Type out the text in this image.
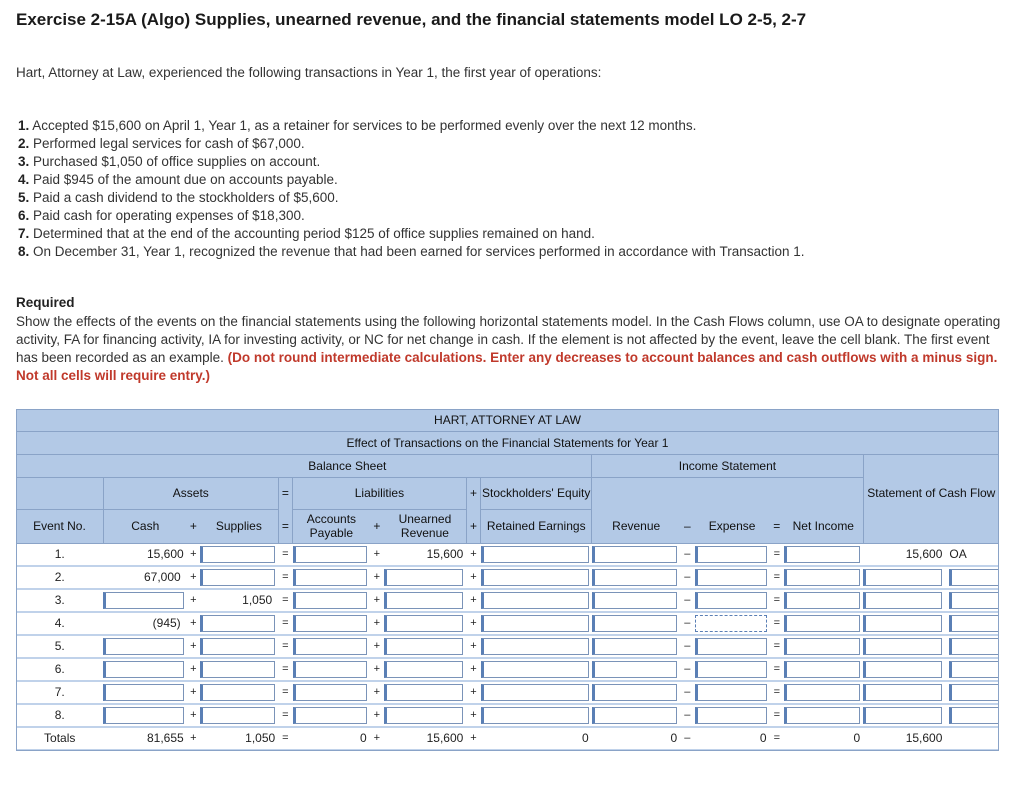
Exercise 2-15A (Algo) Supplies, unearned revenue, and the financial statements model LO 2-5, 2-7

Hart, Attorney at Law, experienced the following transactions in Year 1, the first year of operations:

1. Accepted $15,600 on April 1, Year 1, as a retainer for services to be performed evenly over the next 12 months.
2. Performed legal services for cash of $67,000.
3. Purchased $1,050 of office supplies on account.
4. Paid $945 of the amount due on accounts payable.
5. Paid a cash dividend to the stockholders of $5,600.
6. Paid cash for operating expenses of $18,300.
7. Determined that at the end of the accounting period $125 of office supplies remained on hand.
8. On December 31, Year 1, recognized the revenue that had been earned for services performed in accordance with Transaction 1.

Required

Show the effects of the events on the financial statements using the following horizontal statements model. In the Cash Flows column, use OA to designate operating activity, FA for financing activity, IA for investing activity, or NC for net change in cash. If the element is not affected by the event, leave the cell blank. The first event has been recorded as an example. (Do not round intermediate calculations. Enter any decreases to account balances and cash outflows with a minus sign. Not all cells will require entry.)

HART, ATTORNEY AT LAW																
Effect of Transactions on the Financial Statements for Year 1																
	Balance Sheet									Income Statement						
	Assets			=	Liabilities			+	Stockholders' Equity						Statement of Cash Flow	
Event No.	Cash	+	Supplies	=	Accounts Payable	+	Unearned Revenue	+	Retained Earnings	Revenue	–	Expense	=	Net Income		
1.	15,600	+		=		+	15,600	+			–		=		15,600	OA
2.	67,000	+		=		+		+			–		=	

3.		+	1,050	=		+		+			–		=	

4.	(945)	+		=		+		+			–		=	

5.		+		=		+		+			–		=	

6.		+		=		+		+			–		=	

7.		+		=		+		+			–		=	

8.		+		=		+		+			–		=	

Totals	81,655	+	1,050	=	0	+	15,600	+	0	0	–	0	=	0	15,600	
